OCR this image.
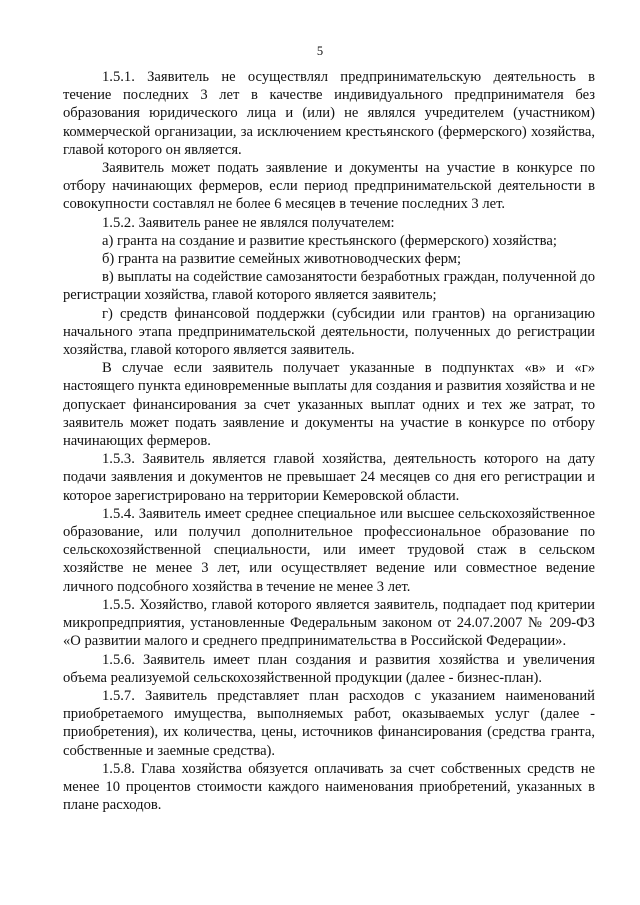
5

1.5.1. Заявитель не осуществлял предпринимательскую деятельность в течение последних 3 лет в качестве индивидуального предпринимателя без образования юридического лица и (или) не являлся учредителем (участником) коммерческой организации, за исключением крестьянского (фермерского) хозяйства, главой которого он является.

Заявитель может подать заявление и документы на участие в конкурсе по отбору начинающих фермеров, если период предпринимательской деятельности в совокупности составлял не более 6 месяцев в течение последних 3 лет.

1.5.2. Заявитель ранее не являлся получателем:

а) гранта на создание и развитие крестьянского (фермерского) хозяйства;

б) гранта на развитие семейных животноводческих ферм;

в) выплаты на содействие самозанятости безработных граждан, полученной до регистрации хозяйства, главой которого является заявитель;

г) средств финансовой поддержки (субсидии или грантов) на организацию начального этапа предпринимательской деятельности, полученных до регистрации хозяйства, главой которого является заявитель.

В случае если заявитель получает указанные в подпунктах «в» и «г» настоящего пункта единовременные выплаты для создания и развития хозяйства и не допускает финансирования за счет указанных выплат одних и тех же затрат, то заявитель может подать заявление и документы на участие в конкурсе по отбору начинающих фермеров.

1.5.3. Заявитель является главой хозяйства, деятельность которого на дату подачи заявления и документов не превышает 24 месяцев со дня его регистрации и которое зарегистрировано на территории Кемеровской области.

1.5.4. Заявитель имеет среднее специальное или высшее сельскохозяйственное образование, или получил дополнительное профессиональное образование по сельскохозяйственной специальности, или имеет трудовой стаж в сельском хозяйстве не менее 3 лет, или осуществляет ведение или совместное ведение личного подсобного хозяйства в течение не менее 3 лет.

1.5.5. Хозяйство, главой которого является заявитель, подпадает под критерии микропредприятия, установленные Федеральным законом от 24.07.2007 № 209-ФЗ «О развитии малого и среднего предпринимательства в Российской Федерации».

1.5.6. Заявитель имеет план создания и развития хозяйства и увеличения объема реализуемой сельскохозяйственной продукции (далее - бизнес-план).

1.5.7. Заявитель представляет план расходов с указанием наименований приобретаемого имущества, выполняемых работ, оказываемых услуг (далее - приобретения), их количества, цены, источников финансирования (средства гранта, собственные и заемные средства).

1.5.8. Глава хозяйства обязуется оплачивать за счет собственных средств не менее 10 процентов стоимости каждого наименования приобретений, указанных в плане расходов.
